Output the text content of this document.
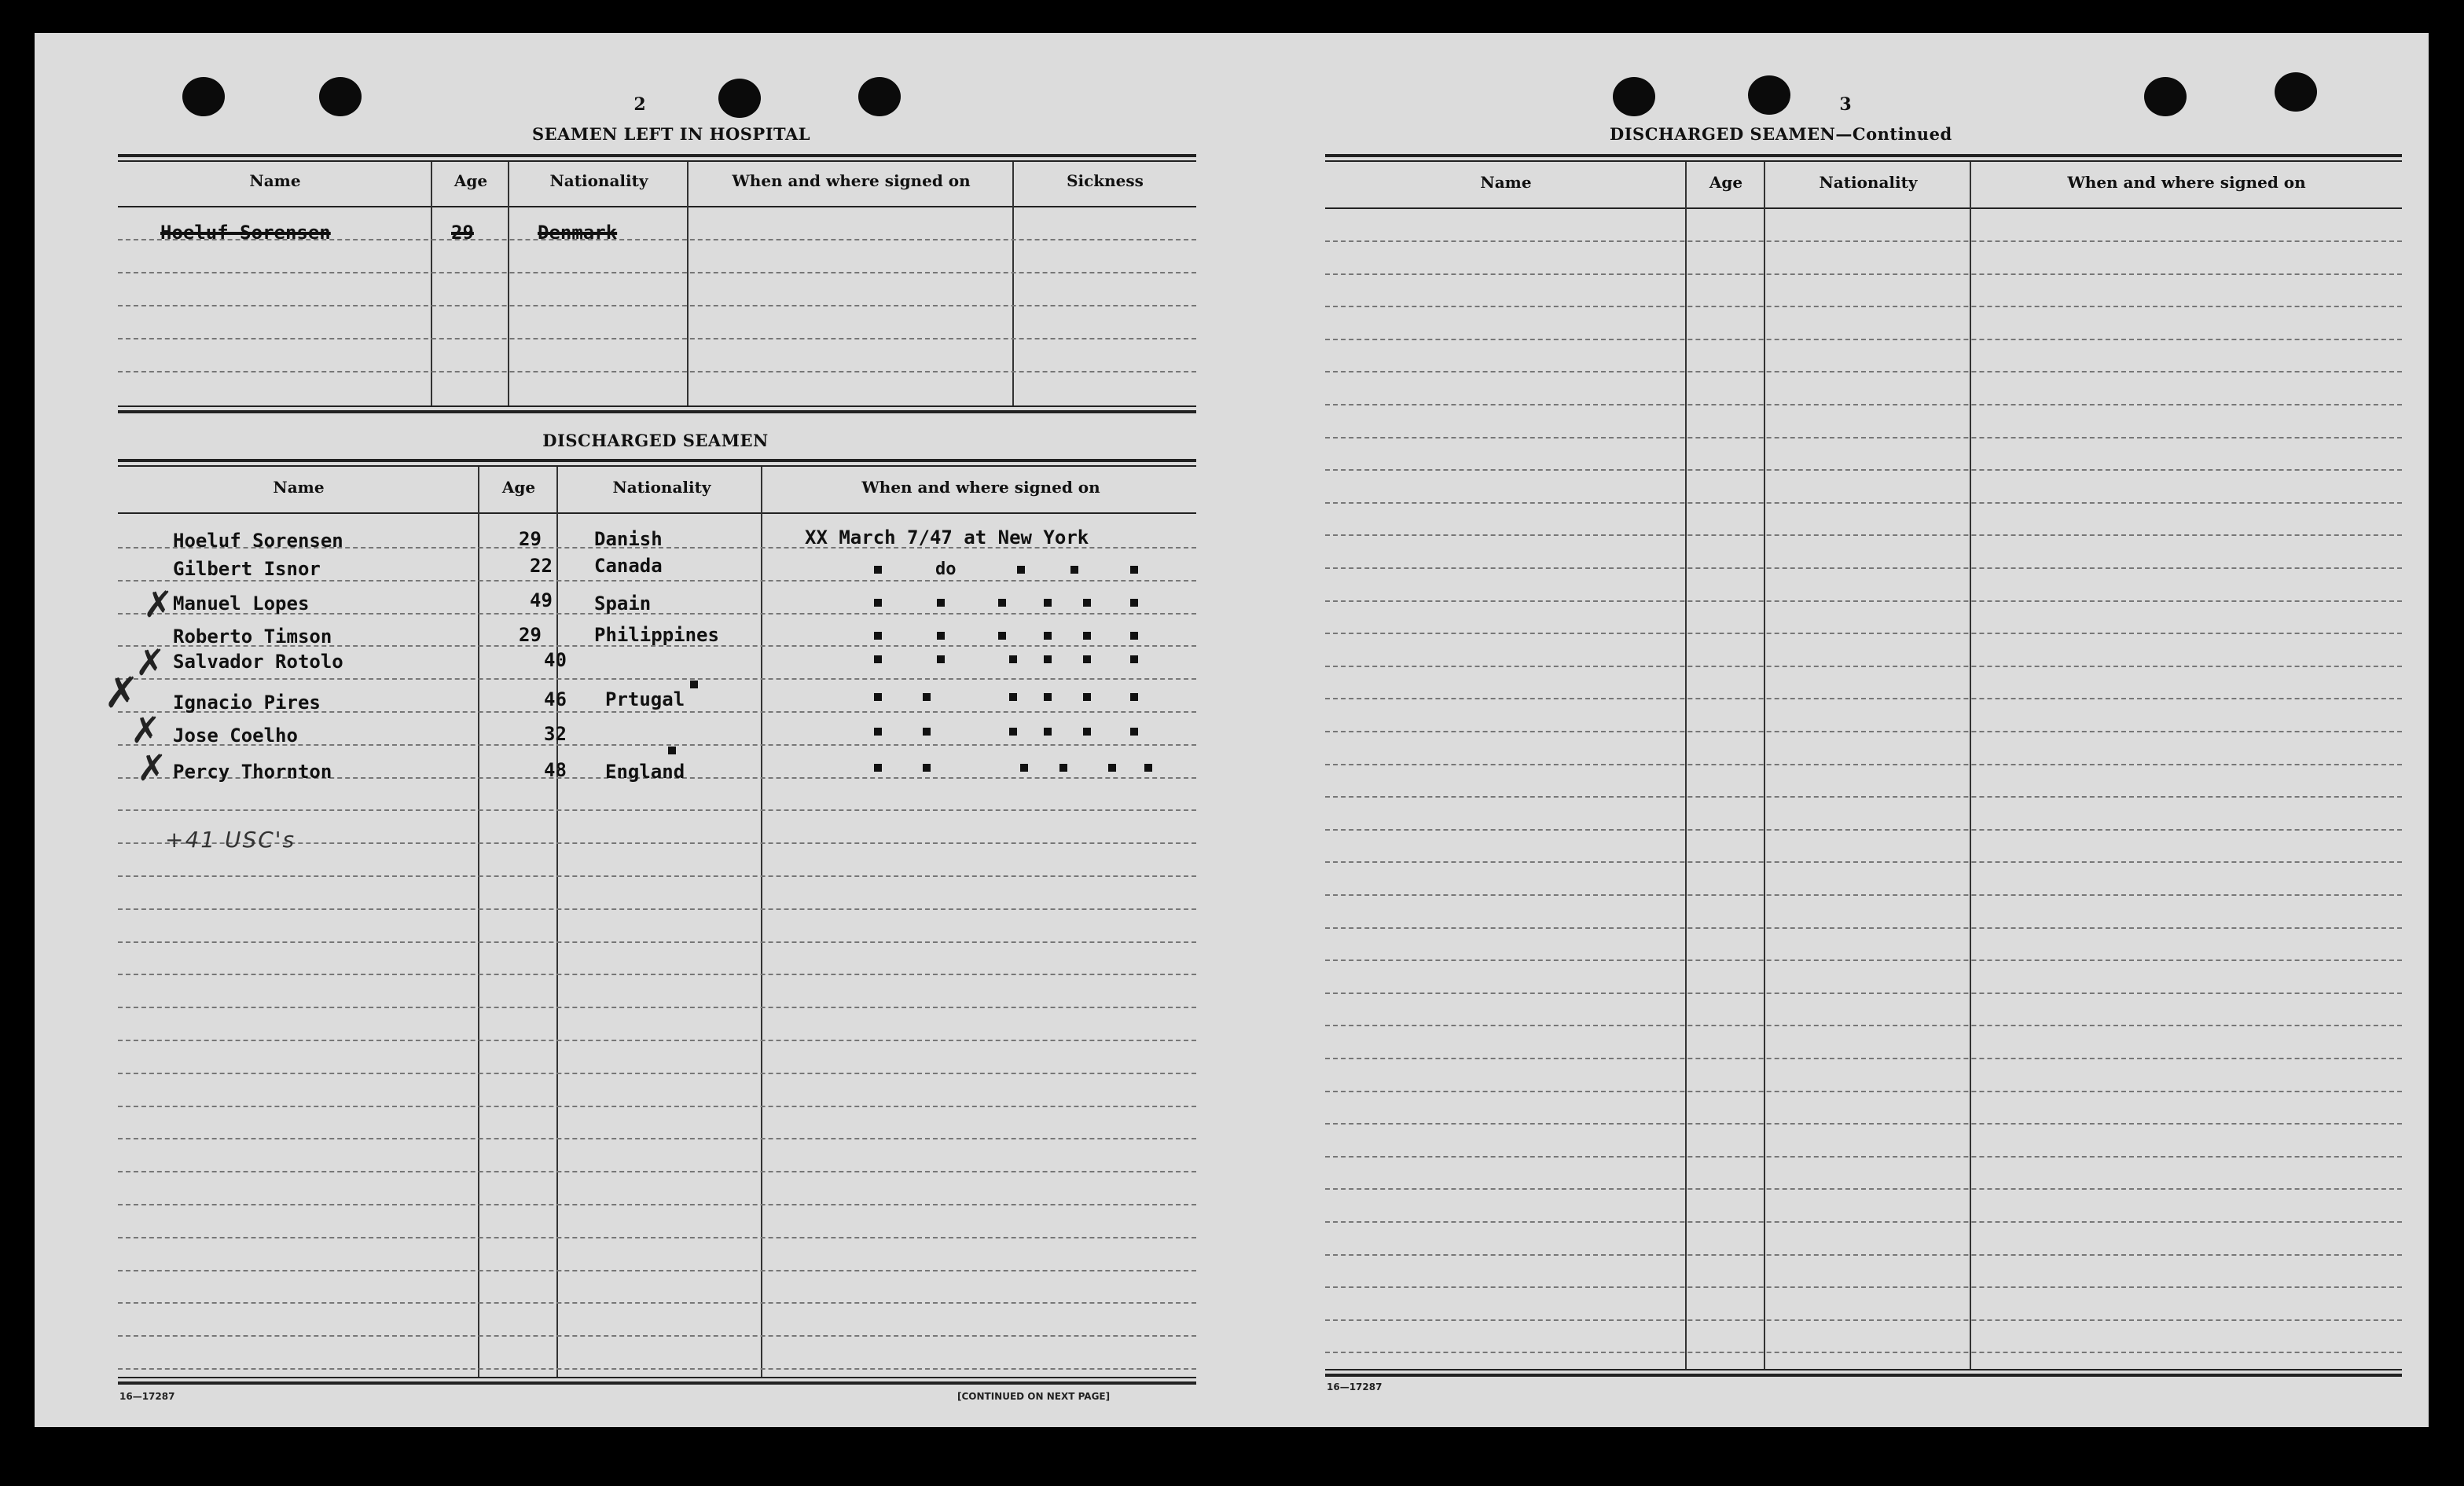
2
SEAMEN LEFT IN HOSPITAL
Name	Age	Nationality	When and where signed on	Sickness
Hoeluf Sorensen	29	Denmark
DISCHARGED SEAMEN
Name	Age	Nationality	When and where signed on
Hoeluf Sorensen	29	Danish	XX March 7/47 at New York
Gilbert Isnor	22 Canada	do
Manuel Lopes	49 Spain
Roberto Timson	29	Philippines
Salvador Rotolo	40
Ignacio Pires	46 Prtugal
Jose Coelho	32
Percy Thornton	48 England
✗
✗
✗
✗
✗
+41 USC's
16—17287	[CONTINUED ON NEXT PAGE]
3
DISCHARGED SEAMEN—Continued
Name	Age	Nationality	When and where signed on
16—17287
